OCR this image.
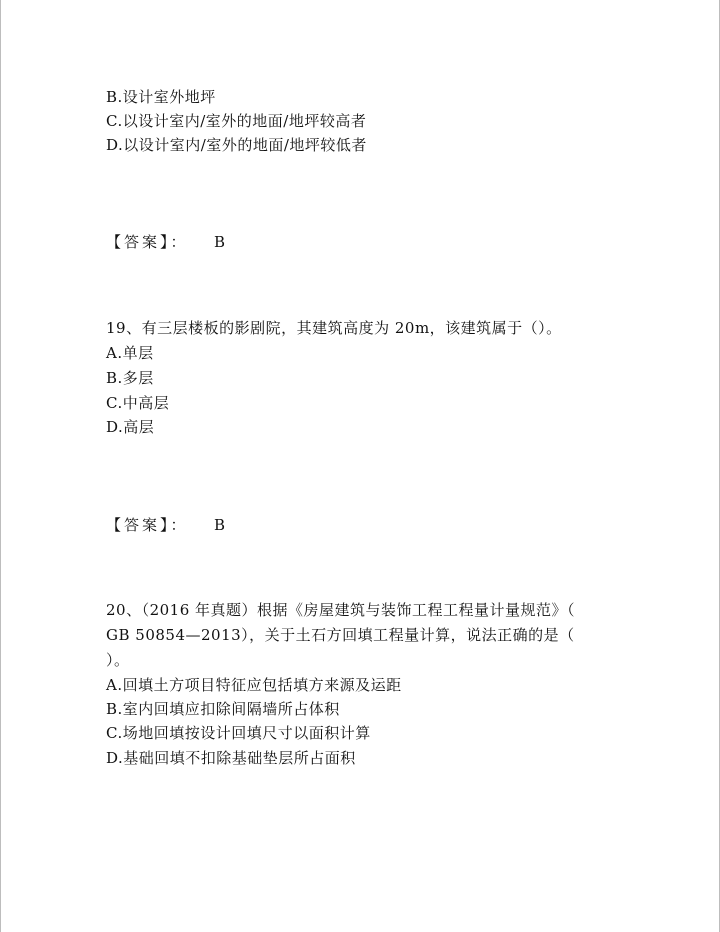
B.设计室外地坪
C.以设计室内/室外的地面/地坪较高者
D.以设计室内/室外的地面/地坪较低者
【答案】： B
19、有三层楼板的影剧院，其建筑高度为 20m，该建筑属于（）。
A.单层
B.多层
C.中高层
D.高层
【答案】： B
20、（2016 年真题）根据《房屋建筑与装饰工程工程量计量规范》（
GB 50854—2013），关于土石方回填工程量计算，说法正确的是（
）。
A.回填土方项目特征应包括填方来源及运距
B.室内回填应扣除间隔墙所占体积
C.场地回填按设计回填尺寸以面积计算
D.基础回填不扣除基础垫层所占面积
